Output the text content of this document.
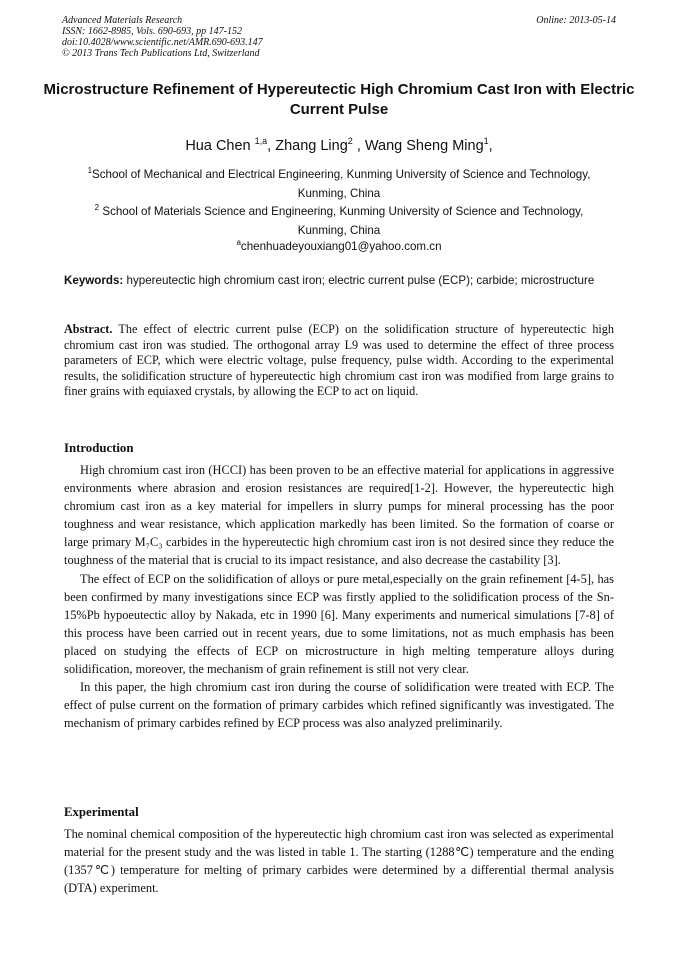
Advanced Materials Research
ISSN: 1662-8985, Vols. 690-693, pp 147-152
doi:10.4028/www.scientific.net/AMR.690-693.147
© 2013 Trans Tech Publications Ltd, Switzerland
Online: 2013-05-14
Microstructure Refinement of Hypereutectic High Chromium Cast Iron with Electric Current Pulse
Hua Chen $^{1,a}$, Zhang Ling$^2$ , Wang Sheng Ming$^1$,
$^1$School of Mechanical and Electrical Engineering, Kunming University of Science and Technology,
Kunming, China
$^2$ School of Materials Science and Engineering, Kunming University of Science and Technology,
Kunming, China
$^a$chenhuadeyouxiang01@yahoo.com.cn
Keywords: hypereutectic high chromium cast iron; electric current pulse (ECP); carbide; microstructure
Abstract. The effect of electric current pulse (ECP) on the solidification structure of hypereutectic high chromium cast iron was studied. The orthogonal array L9 was used to determine the effect of three process parameters of ECP, which were electric voltage, pulse frequency, pulse width. According to the experimental results, the solidification structure of hypereutectic high chromium cast iron was modified from large grains to finer grains with equiaxed crystals, by allowing the ECP to act on liquid.
Introduction

High chromium cast iron (HCCI) has been proven to be an effective material for applications in aggressive environments where abrasion and erosion resistances are required[1-2]. However, the hypereutectic high chromium cast iron as a key material for impellers in slurry pumps for mineral processing has the poor toughness and wear resistance, which application markedly has been limited. So the formation of coarse or large primary M₇C₃ carbides in the hypereutectic high chromium cast iron is not desired since they reduce the toughness of the material that is crucial to its impact resistance, and also decrease the castability [3].

The effect of ECP on the solidification of alloys or pure metal,especially on the grain refinement [4-5], has been confirmed by many investigations since ECP was firstly applied to the solidification process of the Sn-15%Pb hypoeutectic alloy by Nakada, etc in 1990 [6]. Many experiments and numerical simulations [7-8] of this process have been carried out in recent years, due to some limitations, not as much emphasis has been placed on studying the effects of ECP on microstructure in high melting temperature alloys during solidification, moreover, the mechanism of grain refinement is still not very clear.

In this paper, the high chromium cast iron during the course of solidification were treated with ECP. The effect of pulse current on the formation of primary carbides which refined significantly was investigated. The mechanism of primary carbides refined by ECP process was also analyzed preliminarily.

Experimental

The nominal chemical composition of the hypereutectic high chromium cast iron was selected as experimental material for the present study and the was listed in table 1. The starting (1288℃) temperature and the ending (1357℃) temperature for melting of primary carbides were determined by a differential thermal analysis (DTA) experiment.
